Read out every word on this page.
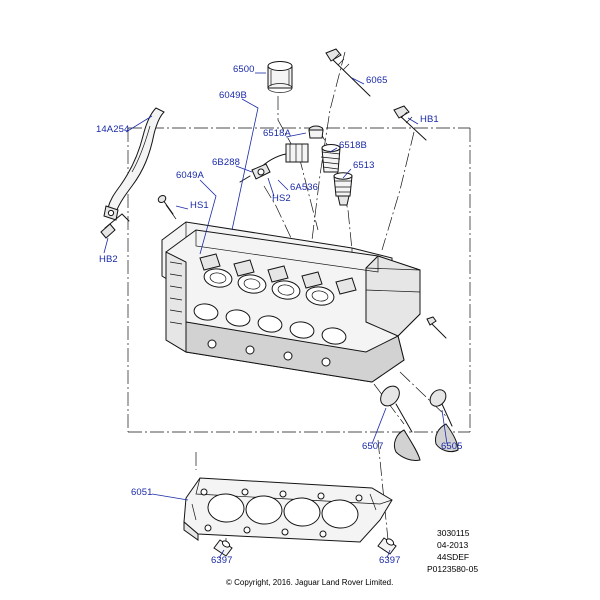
6500
6065
6049B
HB1
14A254	6518A
6518B
6B288	6513
6049A
6A536
HS2
HS1
HB2
6507	6505
6051
6397	6397
3030115
04-2013
44SDEF
P0123580-05
© Copyright, 2016. Jaguar Land Rover Limited.
